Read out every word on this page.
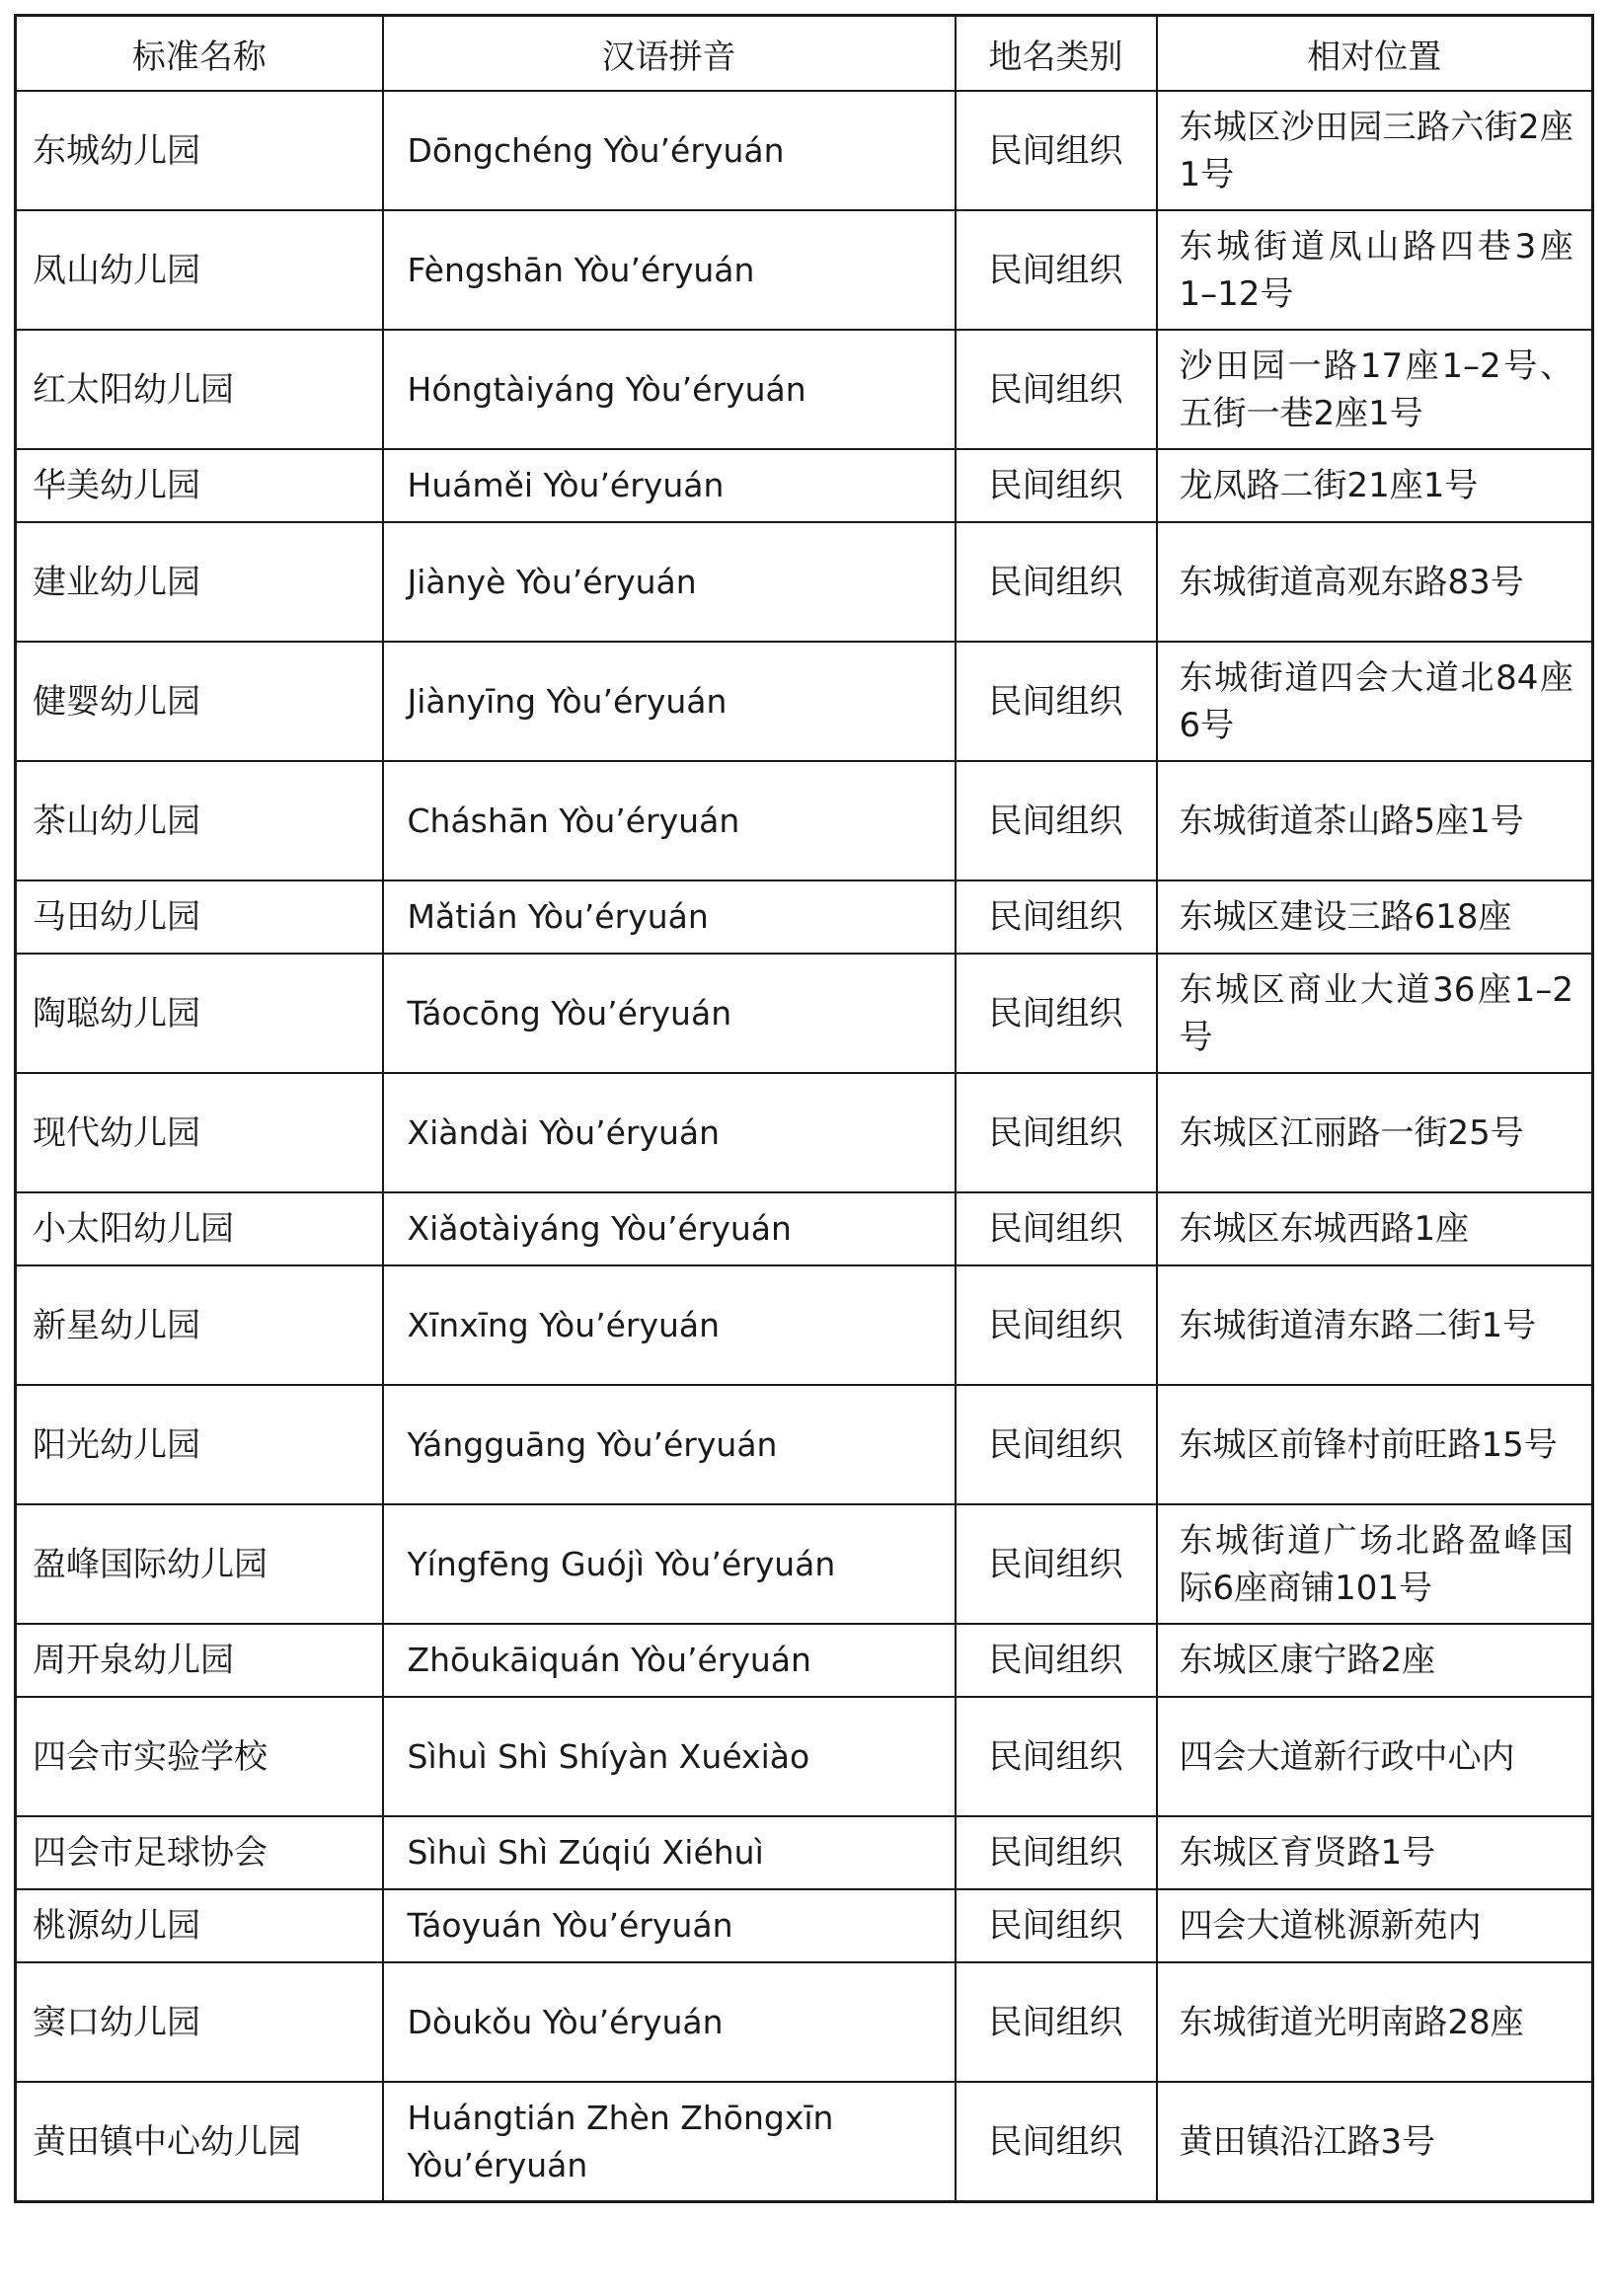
标准名称	汉语拼音	地名类别	相对位置
东城幼儿园	Dōngchéng Yòu’éryuán	民间组织	东城区沙田园三路六街2座1号
凤山幼儿园	Fèngshān Yòu’éryuán	民间组织	东城街道凤山路四巷3座1–12号
红太阳幼儿园	Hóngtàiyáng Yòu’éryuán	民间组织	沙田园一路17座1–2号、五街一巷2座1号
华美幼儿园	Huáměi Yòu’éryuán	民间组织	龙凤路二街21座1号
建业幼儿园	Jiànyè Yòu’éryuán	民间组织	东城街道高观东路83号
健婴幼儿园	Jiànyīng Yòu’éryuán	民间组织	东城街道四会大道北84座6号
茶山幼儿园	Cháshān Yòu’éryuán	民间组织	东城街道茶山路5座1号
马田幼儿园	Mǎtián Yòu’éryuán	民间组织	东城区建设三路618座
陶聪幼儿园	Táocōng Yòu’éryuán	民间组织	东城区商业大道36座1–2号
现代幼儿园	Xiàndài Yòu’éryuán	民间组织	东城区江丽路一街25号
小太阳幼儿园	Xiǎotàiyáng Yòu’éryuán	民间组织	东城区东城西路1座
新星幼儿园	Xīnxīng Yòu’éryuán	民间组织	东城街道清东路二街1号
阳光幼儿园	Yángguāng Yòu’éryuán	民间组织	东城区前锋村前旺路15号
盈峰国际幼儿园	Yíngfēng Guójì Yòu’éryuán	民间组织	东城街道广场北路盈峰国际6座商铺101号
周开泉幼儿园	Zhōukāiquán Yòu’éryuán	民间组织	东城区康宁路2座
四会市实验学校	Sìhuì Shì Shíyàn Xuéxiào	民间组织	四会大道新行政中心内
四会市足球协会	Sìhuì Shì Zúqiú Xiéhuì	民间组织	东城区育贤路1号
桃源幼儿园	Táoyuán Yòu’éryuán	民间组织	四会大道桃源新苑内
窦口幼儿园	Dòukǒu Yòu’éryuán	民间组织	东城街道光明南路28座
黄田镇中心幼儿园	Huángtián Zhèn Zhōngxīn Yòu’éryuán	民间组织	黄田镇沿江路3号
